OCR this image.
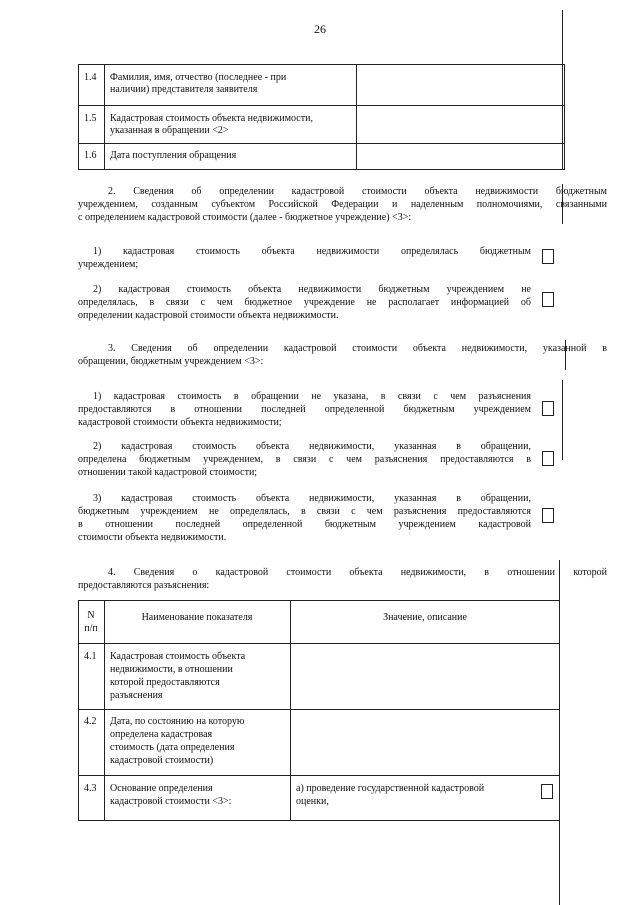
26
1.4 Фамилия, имя, отчество (последнее - при
наличии) представителя заявителя
1.5 Кадастровая стоимость объекта недвижимости,
указанная в обращении <2>
1.6 Дата поступления обращения
2. Сведения об определении кадастровой стоимости объекта недвижимости бюджетным
учреждением, созданным субъектом Российской Федерации и наделенным полномочиями, связанными
с определением кадастровой стоимости (далее - бюджетное учреждение) <3>:
1) кадастровая стоимость объекта недвижимости определялась бюджетным
учреждением;
2) кадастровая стоимость объекта недвижимости бюджетным учреждением не
определялась, в связи с чем бюджетное учреждение не располагает информацией об
определении кадастровой стоимости объекта недвижимости.
3. Сведения об определении кадастровой стоимости объекта недвижимости, указанной в
обращении, бюджетным учреждением <3>:
1) кадастровая стоимость в обращении не указана, в связи с чем разъяснения
предоставляются в отношении последней определенной бюджетным учреждением
кадастровой стоимости объекта недвижимости;
2) кадастровая стоимость объекта недвижимости, указанная в обращении,
определена бюджетным учреждением, в связи с чем разъяснения предоставляются в
отношении такой кадастровой стоимости;
3) кадастровая стоимость объекта недвижимости, указанная в обращении,
бюджетным учреждением не определялась, в связи с чем разъяснения предоставляются
в отношении последней определенной бюджетным учреждением кадастровой
стоимости объекта недвижимости.
4. Сведения о кадастровой стоимости объекта недвижимости, в отношении которой
предоставляются разъяснения:
N
п/п
Наименование показателя	Значение, описание
4.1 Кадастровая стоимость объекта
недвижимости, в отношении
которой предоставляются
разъяснения
4.2 Дата, по состоянию на которую
определена кадастровая
стоимость (дата определения
кадастровой стоимости)
4.3 Основание определения
кадастровой стоимости <3>:
а) проведение государственной кадастровой
оценки,
